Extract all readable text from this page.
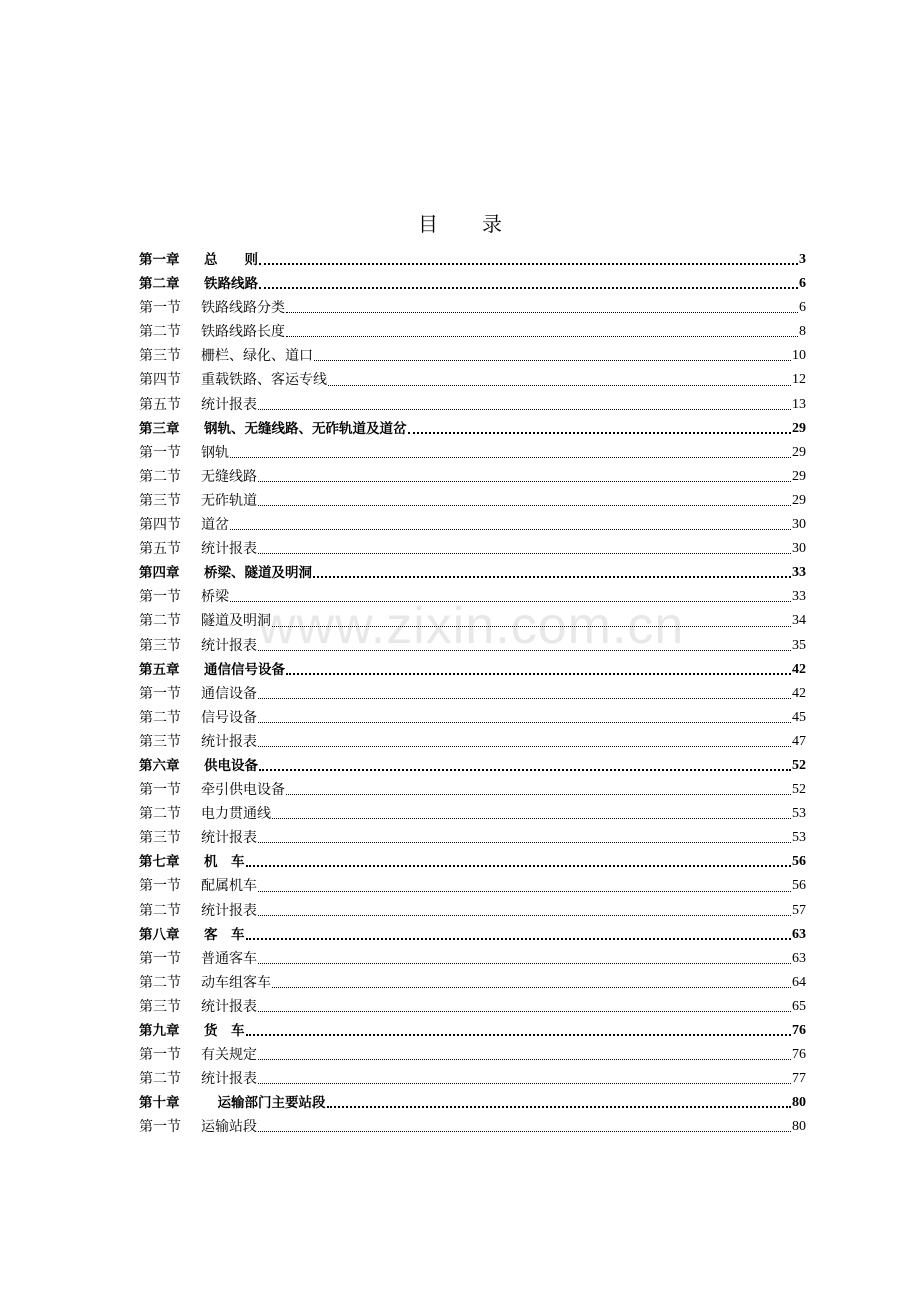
www.zixin.com.cn
目 录
第一章	总　　则	3
第二章	铁路线路	6
第一节	铁路线路分类	6
第二节	铁路线路长度	8
第三节	栅栏、绿化、道口	10
第四节	重载铁路、客运专线	12
第五节	统计报表	13
第三章	钢轨、无缝线路、无砟轨道及道岔	29
第一节	钢轨	29
第二节	无缝线路	29
第三节	无砟轨道	29
第四节	道岔	30
第五节	统计报表	30
第四章	桥梁、隧道及明洞	33
第一节	桥梁	33
第二节	隧道及明洞	34
第三节	统计报表	35
第五章	通信信号设备	42
第一节	通信设备	42
第二节	信号设备	45
第三节	统计报表	47
第六章	供电设备	52
第一节	牵引供电设备	52
第二节	电力贯通线	53
第三节	统计报表	53
第七章	机　车	56
第一节	配属机车	56
第二节	统计报表	57
第八章	客　车	63
第一节	普通客车	63
第二节	动车组客车	64
第三节	统计报表	65
第九章	货　车	76
第一节	有关规定	76
第二节	统计报表	77
第十章	　运输部门主要站段	80
第一节	运输站段	80
